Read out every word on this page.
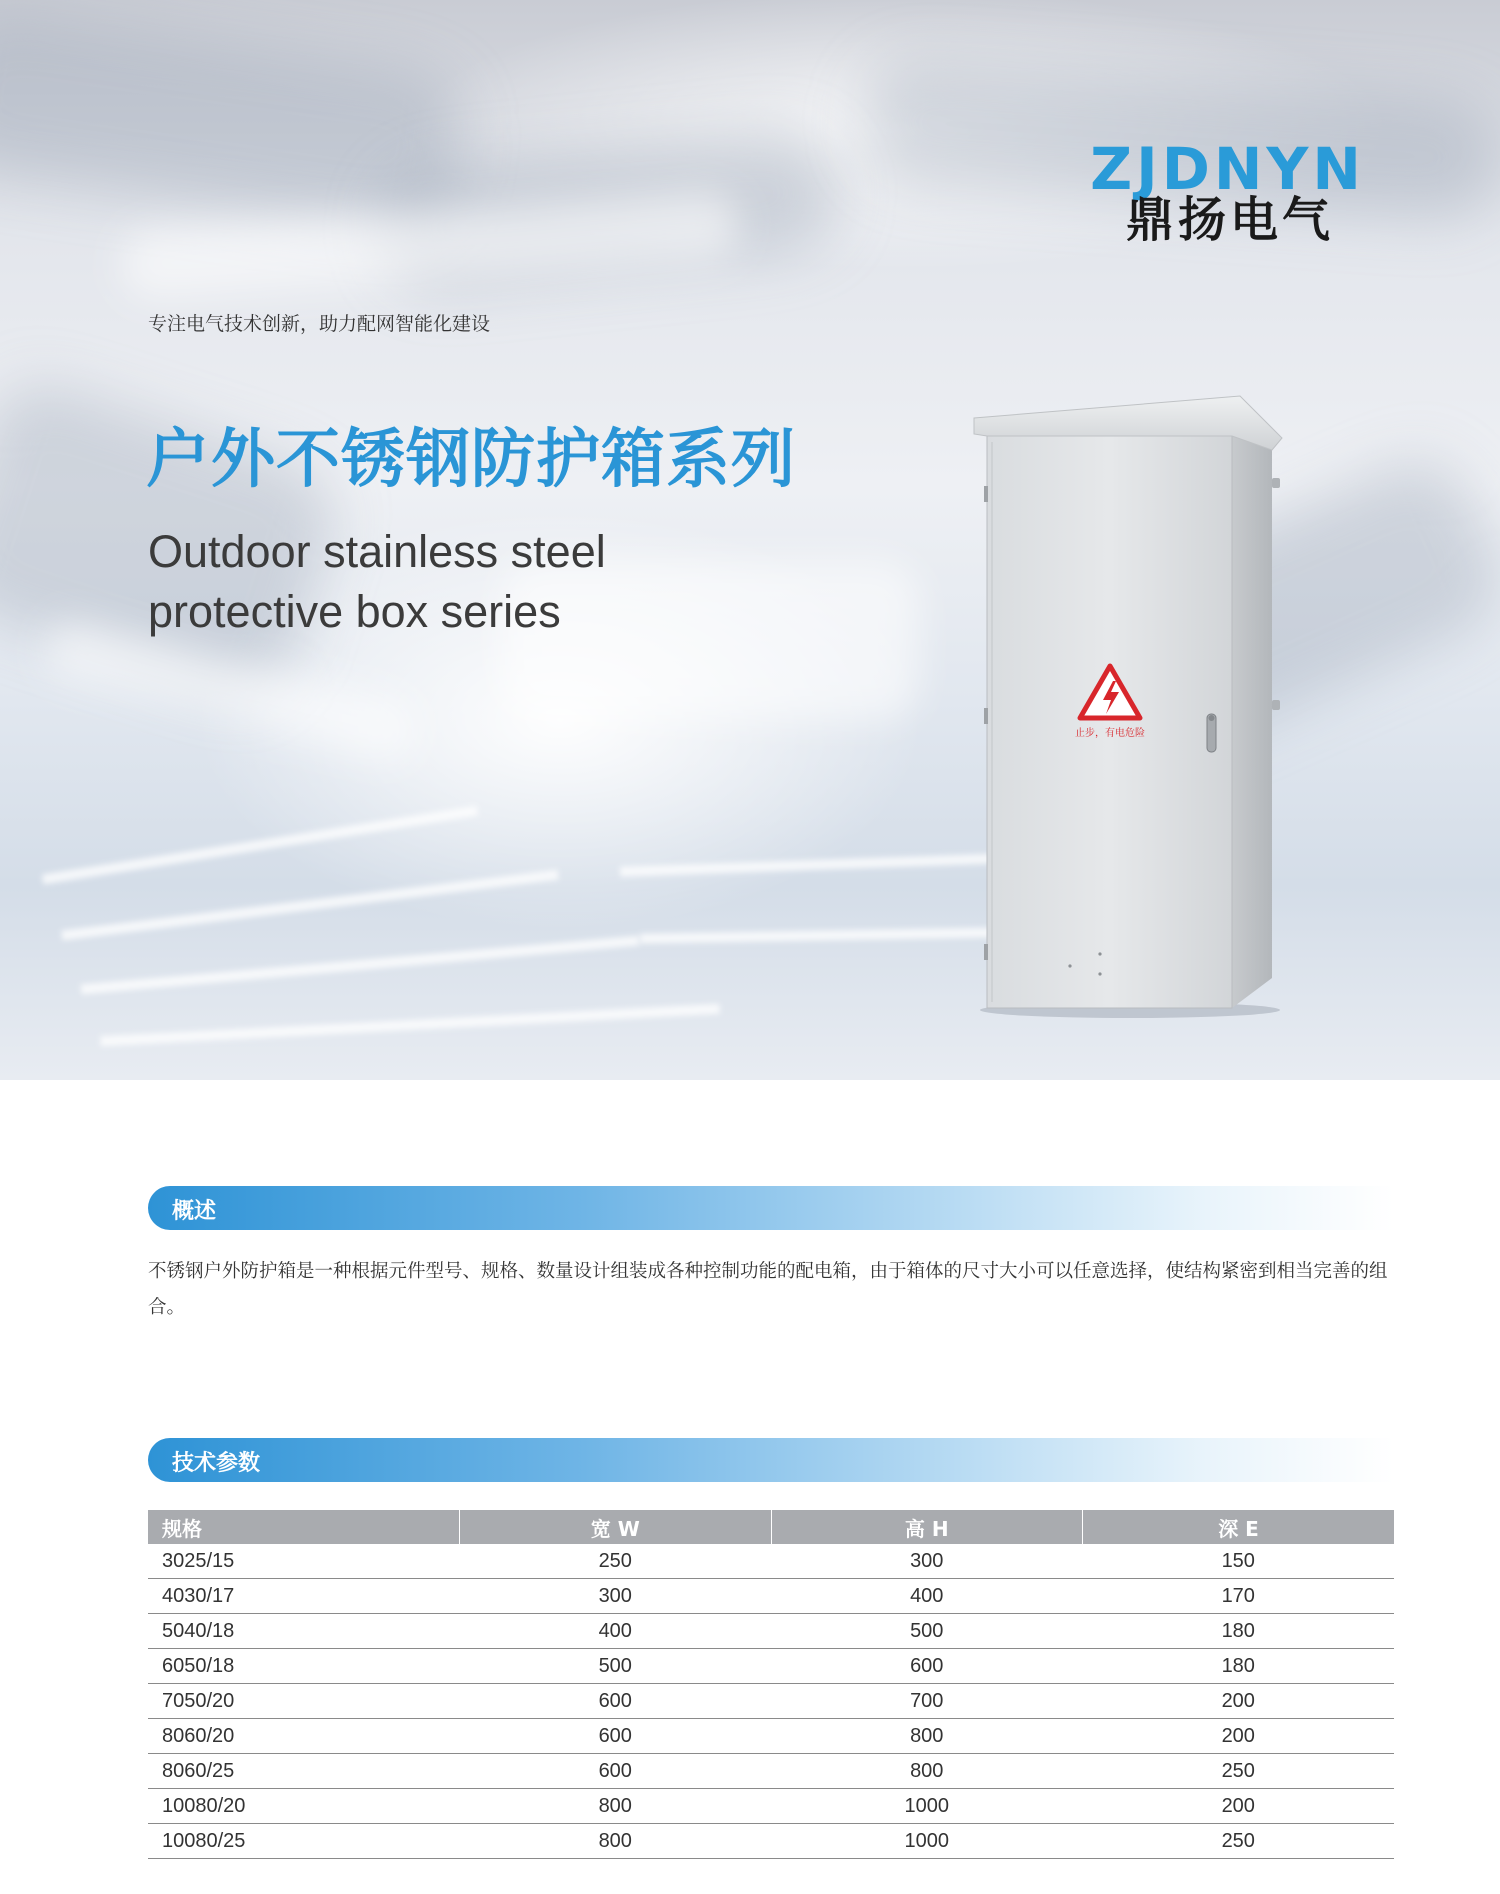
ZJDNYN
鼎扬电气
专注电气技术创新，助力配网智能化建设
户外不锈钢防护箱系列
Outdoor stainless steel
protective box series
止步，有电危险
概述
不锈钢户外防护箱是一种根据元件型号、规格、数量设计组装成各种控制功能的配电箱，由于箱体的尺寸大小可以任意选择，使结构紧密到相当完善的组合。
技术参数
规格	宽 W	高 H	深 E
3025/15	250	300	150
4030/17	300	400	170
5040/18	400	500	180
6050/18	500	600	180
7050/20	600	700	200
8060/20	600	800	200
8060/25	600	800	250
10080/20	800	1000	200
10080/25	800	1000	250
